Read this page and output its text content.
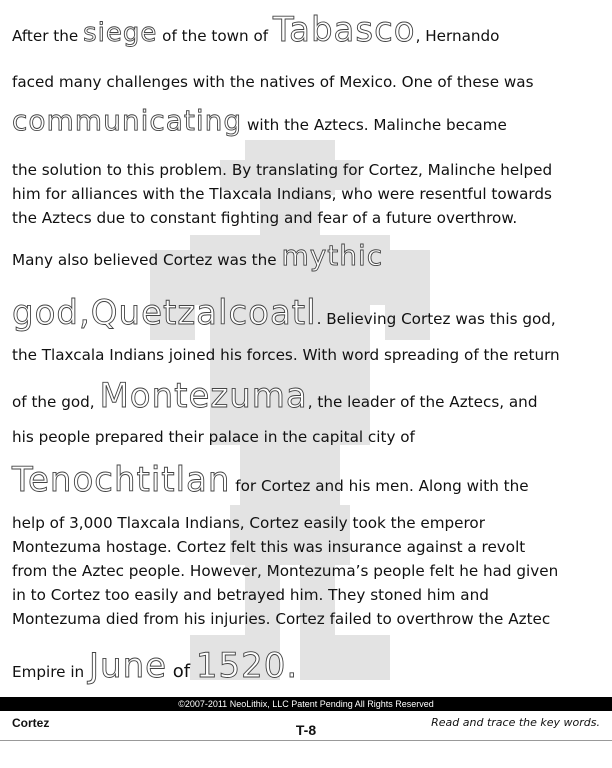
After the siege of the town of Tabasco, Hernando
faced many challenges with the natives of Mexico. One of these was
communicating with the Aztecs. Malinche became
the solution to this problem. By translating for Cortez, Malinche helped
him for alliances with the Tlaxcala Indians, who were resentful towards
the Aztecs due to constant fighting and fear of a future overthrow.
Many also believed Cortez was the mythic
god,Quetzalcoatl. Believing Cortez was this god,
the Tlaxcala Indians joined his forces. With word spreading of the return
of the god, Montezuma, the leader of the Aztecs, and
his people prepared their palace in the capital city of
Tenochtitlan for Cortez and his men. Along with the
help of 3,000 Tlaxcala Indians, Cortez easily took the emperor
Montezuma hostage. Cortez felt this was insurance against a revolt
from the Aztec people. However, Montezuma’s people felt he had given
in to Cortez too easily and betrayed him. They stoned him and
Montezuma died from his injuries. Cortez failed to overthrow the Aztec
Empire in June of 1520.
©2007-2011 NeoLithix, LLC Patent Pending All Rights Reserved
Cortez	T-8	Read and trace the key words.
